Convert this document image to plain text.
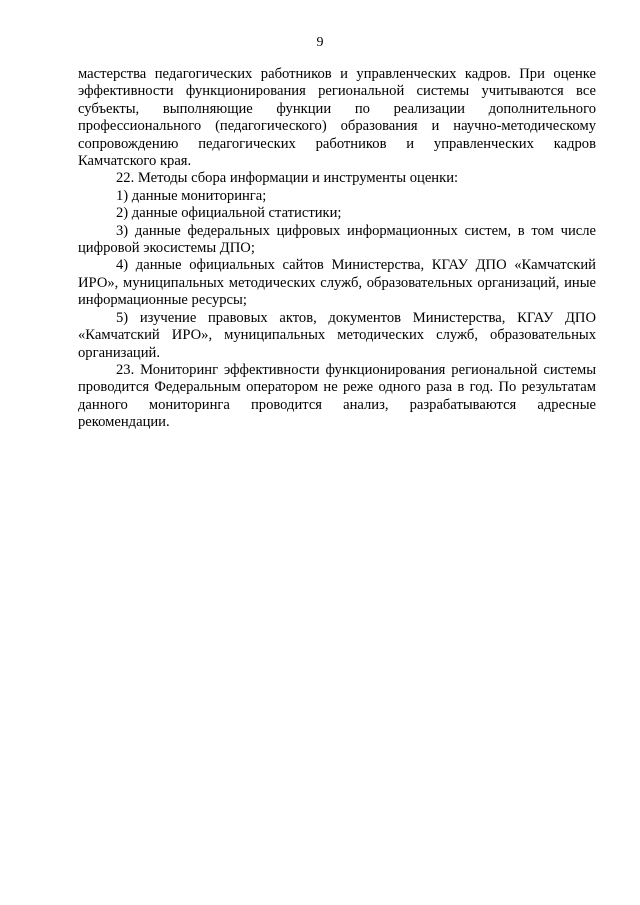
9

мастерства педагогических работников и управленческих кадров. При оценке эффективности функционирования региональной системы учитываются все субъекты, выполняющие функции по реализации дополнительного профессионального (педагогического) образования и научно-методическому сопровождению педагогических работников и управленческих кадров Камчатского края.

22. Методы сбора информации и инструменты оценки:

1) данные мониторинга;

2) данные официальной статистики;

3) данные федеральных цифровых информационных систем, в том числе цифровой экосистемы ДПО;

4) данные официальных сайтов Министерства, КГАУ ДПО «Камчатский ИРО», муниципальных методических служб, образовательных организаций, иные информационные ресурсы;

5) изучение правовых актов, документов Министерства, КГАУ ДПО «Камчатский ИРО», муниципальных методических служб, образовательных организаций.

23. Мониторинг эффективности функционирования региональной системы проводится Федеральным оператором не реже одного раза в год. По результатам данного мониторинга проводится анализ, разрабатываются адресные рекомендации.
